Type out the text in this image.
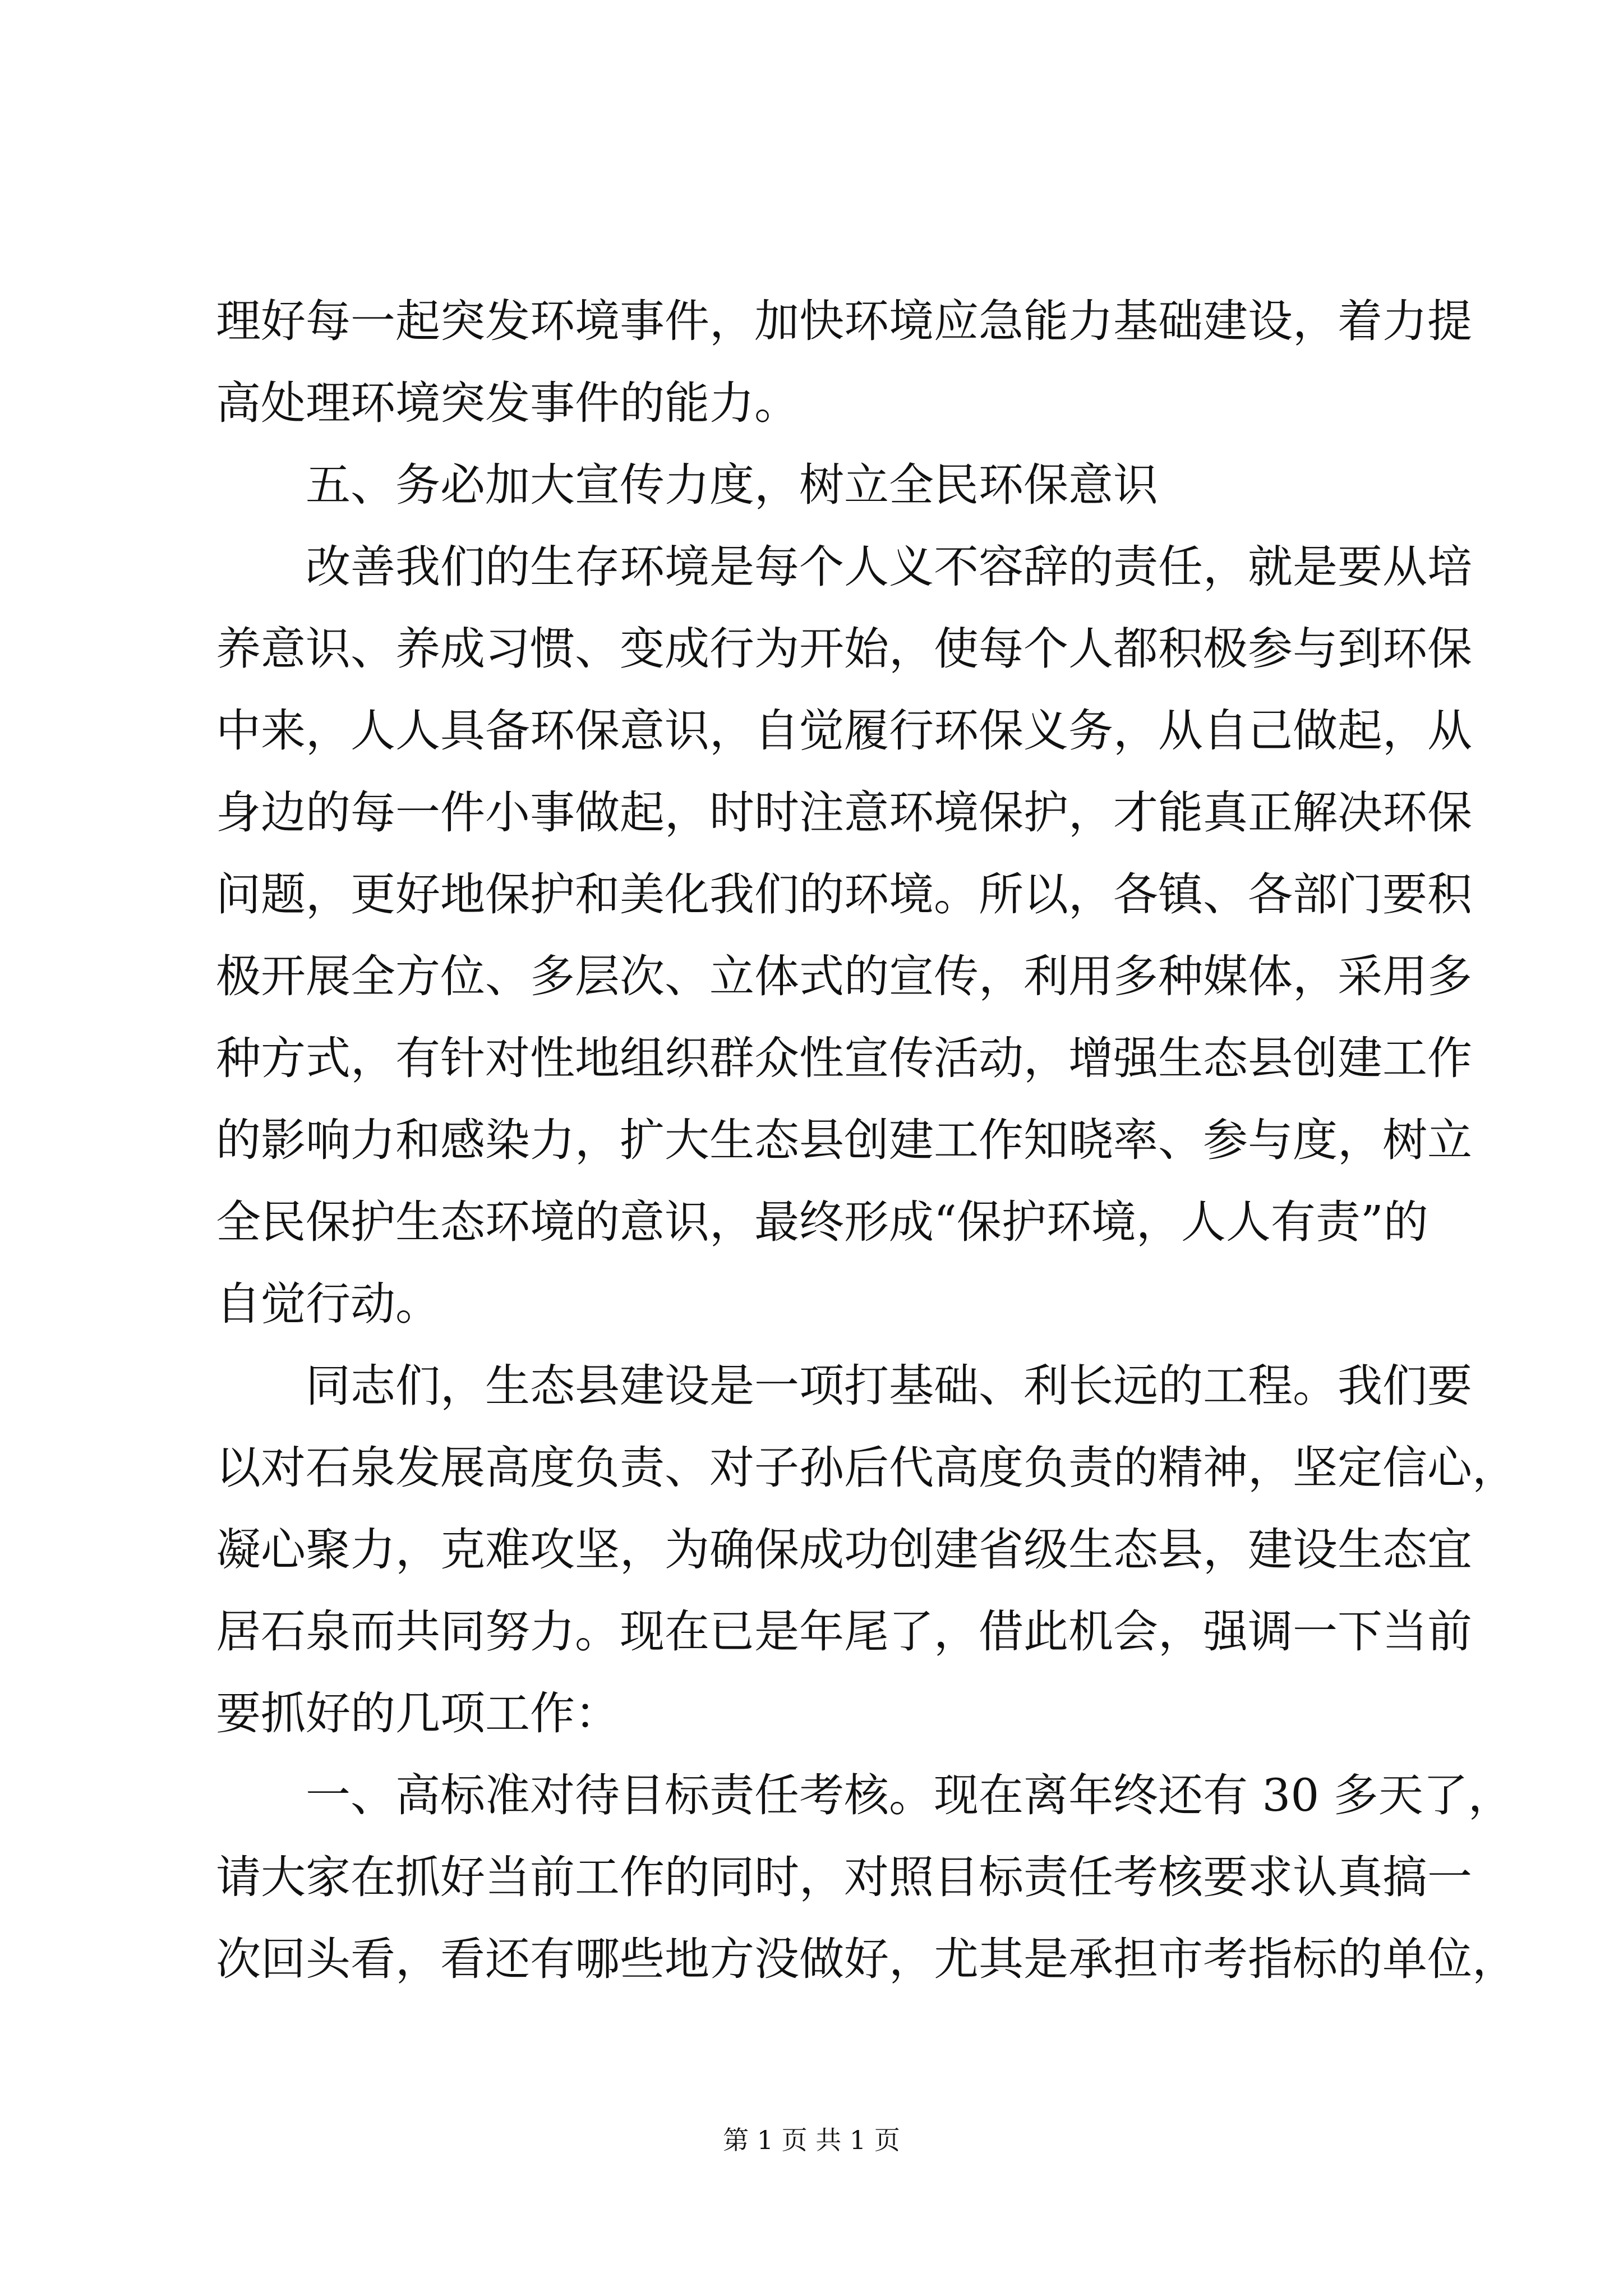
理好每一起突发环境事件，加快环境应急能力基础建设，着力提
高处理环境突发事件的能力。
五、务必加大宣传力度，树立全民环保意识
改善我们的生存环境是每个人义不容辞的责任，就是要从培
养意识、养成习惯、变成行为开始，使每个人都积极参与到环保
中来，人人具备环保意识，自觉履行环保义务，从自己做起，从
身边的每一件小事做起，时时注意环境保护，才能真正解决环保
问题，更好地保护和美化我们的环境。所以，各镇、各部门要积
极开展全方位、多层次、立体式的宣传，利用多种媒体，采用多
种方式，有针对性地组织群众性宣传活动，增强生态县创建工作
的影响力和感染力，扩大生态县创建工作知晓率、参与度，树立
全民保护生态环境的意识，最终形成“保护环境，人人有责”的
自觉行动。
同志们，生态县建设是一项打基础、利长远的工程。我们要
以对石泉发展高度负责、对子孙后代高度负责的精神，坚定信心，
凝心聚力，克难攻坚，为确保成功创建省级生态县，建设生态宜
居石泉而共同努力。现在已是年尾了，借此机会，强调一下当前
要抓好的几项工作：
一、高标准对待目标责任考核。现在离年终还有 30 多天了，
请大家在抓好当前工作的同时，对照目标责任考核要求认真搞一
次回头看，看还有哪些地方没做好，尤其是承担市考指标的单位，
第 1 页 共 1 页
